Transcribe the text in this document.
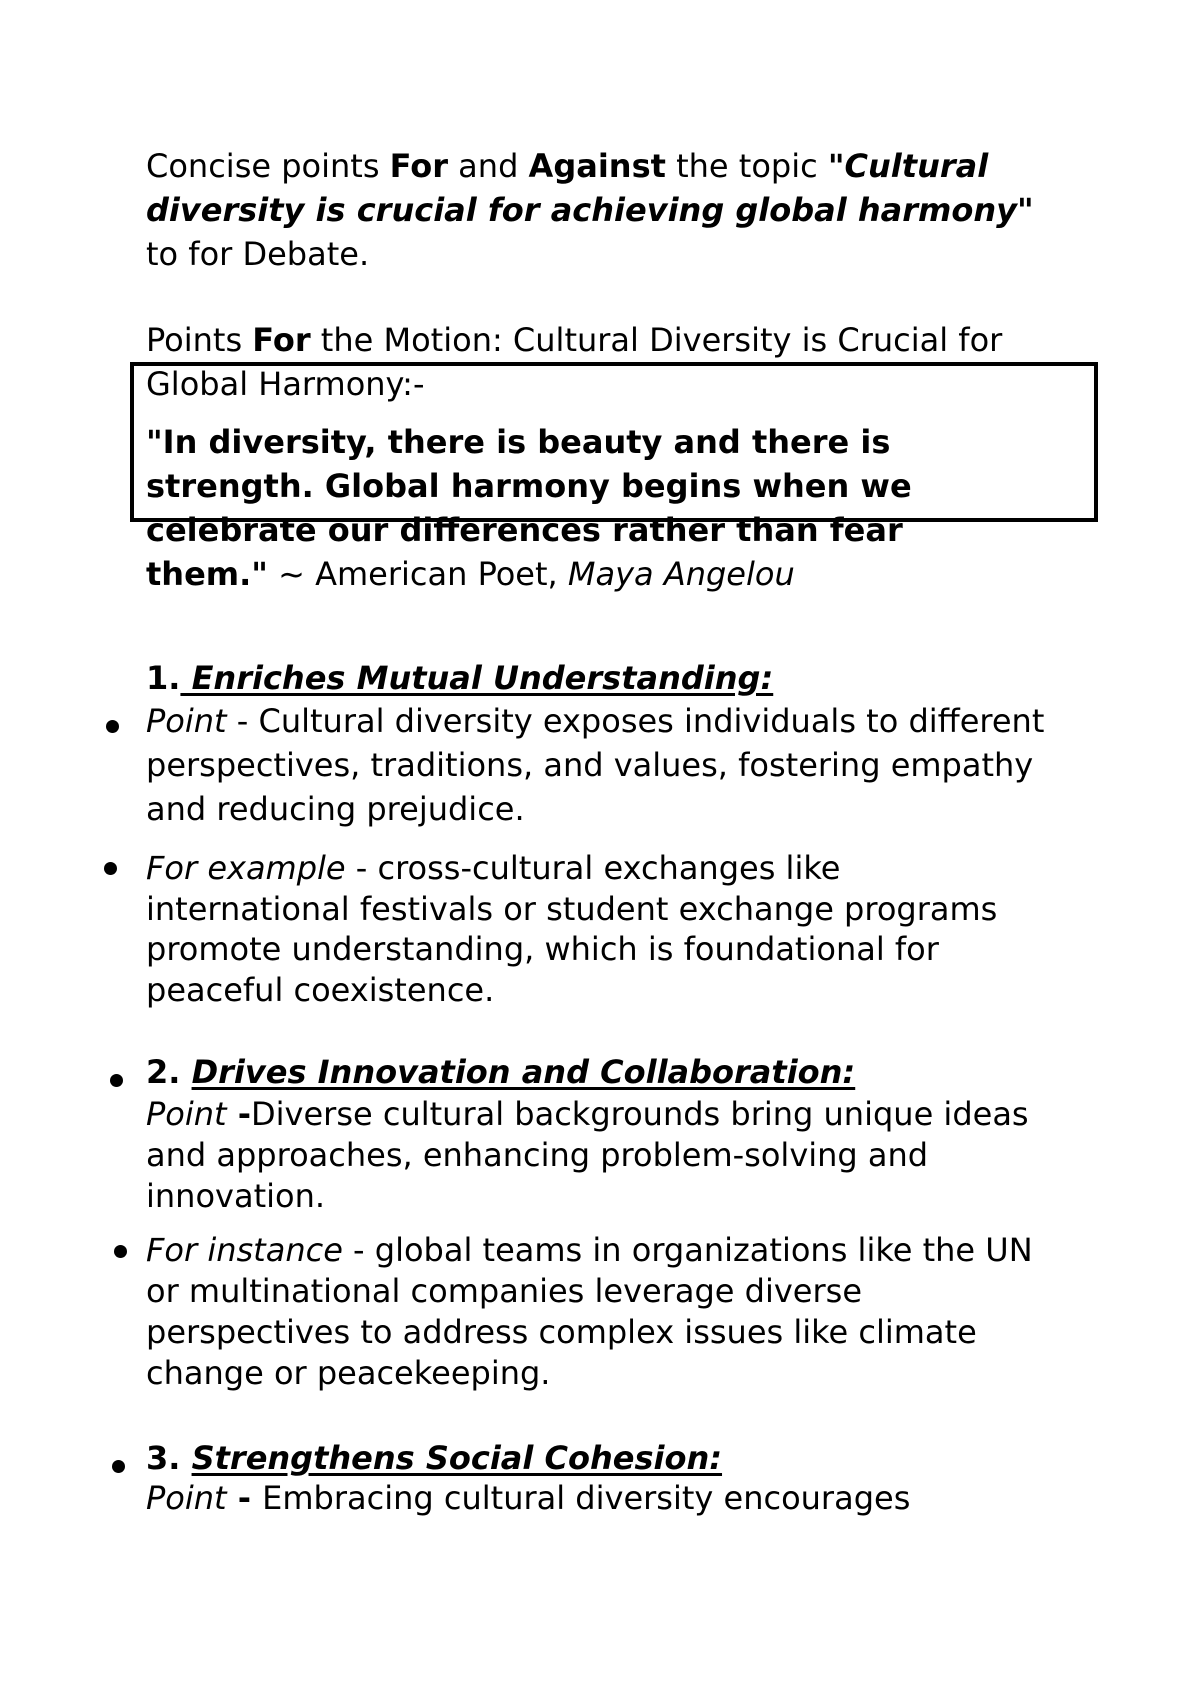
Concise points For and Against the topic "Cultural
diversity is crucial for achieving global harmony"
to for Debate.
Points For the Motion: Cultural Diversity is Crucial for
Global Harmony:-
"In diversity, there is beauty and there is
strength. Global harmony begins when we
celebrate our differences rather than fear
them." ~ American Poet, Maya Angelou
1. Enriches Mutual Understanding:
Point - Cultural diversity exposes individuals to different
perspectives, traditions, and values, fostering empathy
and reducing prejudice.
For example - cross-cultural exchanges like
international festivals or student exchange programs
promote understanding, which is foundational for
peaceful coexistence.
2. Drives Innovation and Collaboration:
Point -Diverse cultural backgrounds bring unique ideas
and approaches, enhancing problem-solving and
innovation.
For instance - global teams in organizations like the UN
or multinational companies leverage diverse
perspectives to address complex issues like climate
change or peacekeeping.
3. Strengthens Social Cohesion:
Point - Embracing cultural diversity encourages
